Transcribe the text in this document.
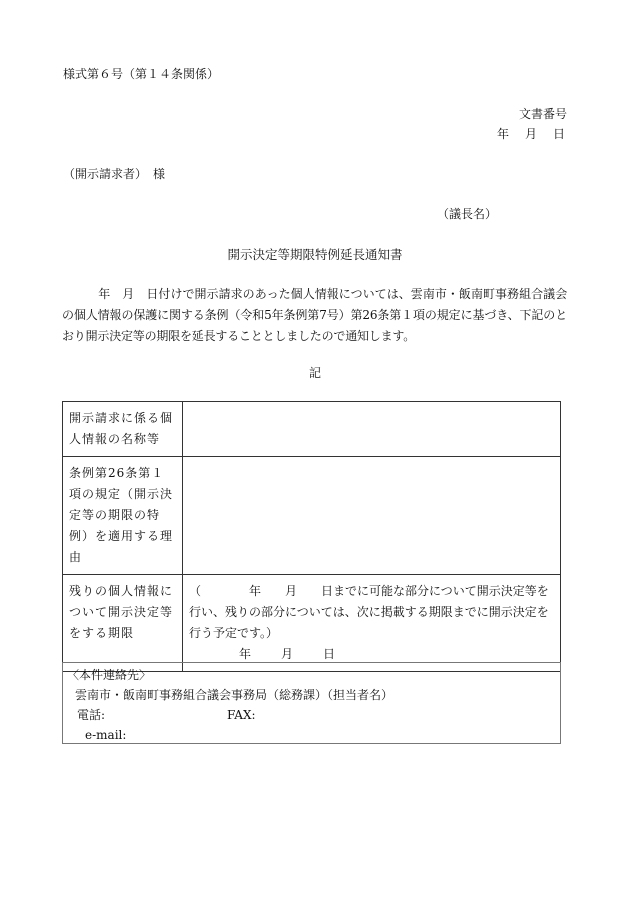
様式第６号（第１４条関係）
文書番号
年　月　日
（開示請求者）　様
（議長名）
開示決定等期限特例延長通知書
年　月　日付けで開示請求のあった個人情報については、雲南市・飯南町事務組合議会の個人情報の保護に関する条例（令和5年条例第7号）第26条第１項の規定に基づき、下記のとおり開示決定等の期限を延長することとしましたので通知します。
記
開示請求に係る個人情報の名称等	
条例第26条第１項の規定（開示決定等の期限の特例）を適用する理由	
残りの個人情報について開示決定等をする期限	（　　　　年　　月　　日までに可能な部分について開示決定等を行い、残りの部分については、次に掲載する期限までに開示決定を行う予定です。）
年　　月　　日
〈本件連絡先〉
雲南市・飯南町事務組合議会事務局（総務課）（担当者名）
電話:	FAX:
e-mail:
